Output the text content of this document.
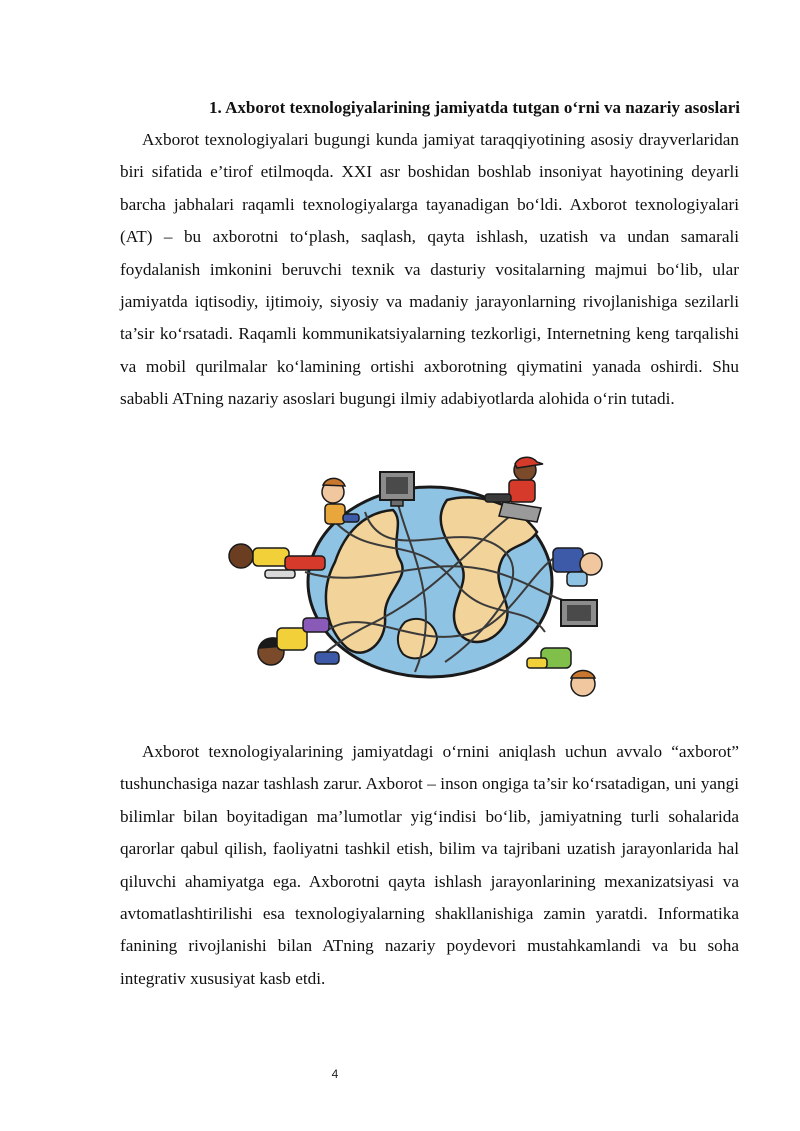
1. Axborot texnologiyalarining jamiyatda tutgan o‘rni va nazariy asoslari

Axborot texnologiyalari bugungi kunda jamiyat taraqqiyotining asosiy drayverlaridan biri sifatida e’tirof etilmoqda. XXI asr boshidan boshlab insoniyat hayotining deyarli barcha jabhalari raqamli texnologiyalarga tayanadigan bo‘ldi. Axborot texnologiyalari (AT) – bu axborotni to‘plash, saqlash, qayta ishlash, uzatish va undan samarali foydalanish imkonini beruvchi texnik va dasturiy vositalarning majmui bo‘lib, ular jamiyatda iqtisodiy, ijtimoiy, siyosiy va madaniy jarayonlarning rivojlanishiga sezilarli ta’sir ko‘rsatadi. Raqamli kommunikatsiyalarning tezkorligi, Internetning keng tarqalishi va mobil qurilmalar ko‘lamining ortishi axborotning qiymatini yanada oshirdi. Shu sababli ATning nazariy asoslari bugungi ilmiy adabiyotlarda alohida o‘rin tutadi.

Axborot texnologiyalarining jamiyatdagi o‘rnini aniqlash uchun avvalo “axborot” tushunchasiga nazar tashlash zarur. Axborot – inson ongiga ta’sir ko‘rsatadigan, uni yangi bilimlar bilan boyitadigan ma’lumotlar yig‘indisi bo‘lib, jamiyatning turli sohalarida qarorlar qabul qilish, faoliyatni tashkil etish, bilim va tajribani uzatish jarayonlarida hal qiluvchi ahamiyatga ega. Axborotni qayta ishlash jarayonlarining mexanizatsiyasi va avtomatlashtirilishi esa texnologiyalarning shakllanishiga zamin yaratdi. Informatika fanining rivojlanishi bilan ATning nazariy poydevori mustahkamlandi va bu soha integrativ xususiyat kasb etdi.

4
